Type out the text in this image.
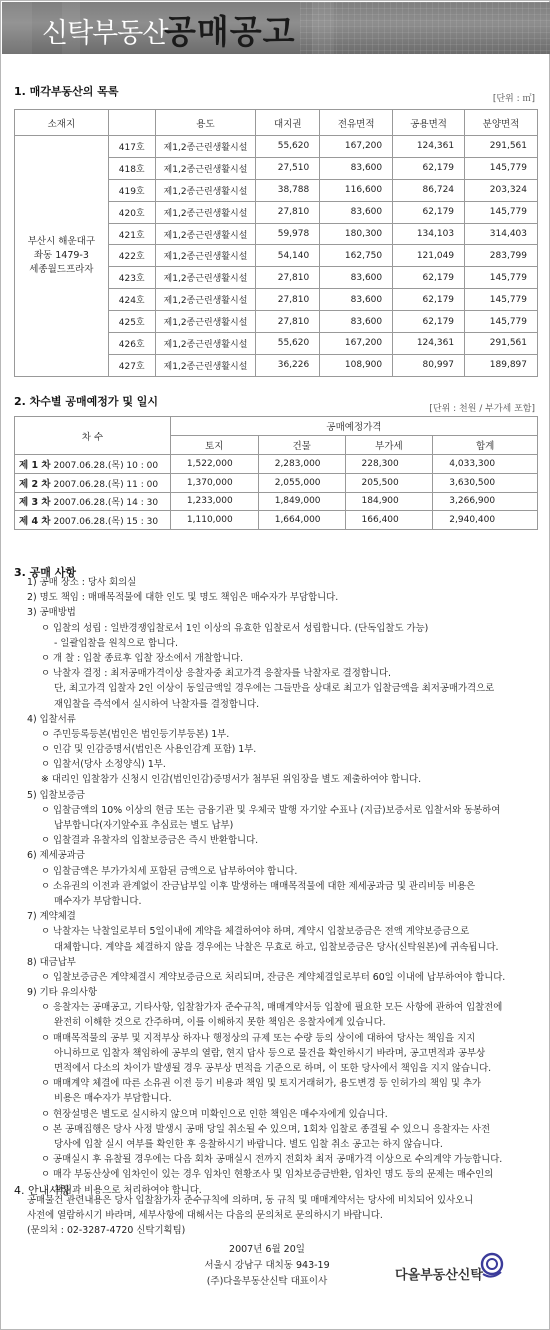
신탁부동산
공매공고
1. 매각부동산의 목록
[단위 : ㎡]
소재지		용도	대지권	전유면적	공용면적	분양면적

부산시 해운대구
좌동 1479-3
세종월드프라자	417호	제1,2종근린생활시설	55,620	167,200	124,361	291,561
	418호	제1,2종근린생활시설	27,510	83,600	62,179	145,779
	419호	제1,2종근린생활시설	38,788	116,600	86,724	203,324
	420호	제1,2종근린생활시설	27,810	83,600	62,179	145,779
	421호	제1,2종근린생활시설	59,978	180,300	134,103	314,403
	422호	제1,2종근린생활시설	54,140	162,750	121,049	283,799
	423호	제1,2종근린생활시설	27,810	83,600	62,179	145,779
	424호	제1,2종근린생활시설	27,810	83,600	62,179	145,779
	425호	제1,2종근린생활시설	27,810	83,600	62,179	145,779
	426호	제1,2종근린생활시설	55,620	167,200	124,361	291,561
	427호	제1,2종근린생활시설	36,226	108,900	80,997	189,897
2. 차수별 공매예정가 및 일시
[단위 : 천원 / 부가세 포함]
차 수	공매예정가격			
	토지	건물	부가세	합계
제 1 차 2007.06.28.(목) 10 : 00	1,522,000	2,283,000	228,300	4,033,300
제 2 차 2007.06.28.(목) 11 : 00	1,370,000	2,055,000	205,500	3,630,500
제 3 차 2007.06.28.(목) 14 : 30	1,233,000	1,849,000	184,900	3,266,900
제 4 차 2007.06.28.(목) 15 : 30	1,110,000	1,664,000	166,400	2,940,400
3. 공매 사항
1) 공매 장소 : 당사 회의실
2) 명도 책임 : 매매목적물에 대한 인도 및 명도 책임은 매수자가 부담합니다.
3) 공매방법
ㅇ 입찰의 성립 : 일반경쟁입찰로서 1인 이상의 유효한 입찰로서 성립합니다. (단독입찰도 가능)
- 일괄입찰을 원칙으로 합니다.
ㅇ 개 찰 : 입찰 종료후 입찰 장소에서 개찰합니다.
ㅇ 낙찰자 결정 : 최저공매가격이상 응찰자중 최고가격 응찰자를 낙찰자로 결정합니다.
단, 최고가격 입찰자 2인 이상이 동일금액일 경우에는 그들만을 상대로 최고가 입찰금액을 최저공매가격으로
재입찰을 즉석에서 실시하여 낙찰자를 결정합니다.
4) 입찰서류
ㅇ 주민등록등본(법인은 법인등기부등본) 1부.
ㅇ 인감 및 인감증명서(법인은 사용인감계 포함) 1부.
ㅇ 입찰서(당사 소정양식) 1부.
※ 대리인 입찰참가 신청시 인감(법인인감)증명서가 첨부된 위임장을 별도 제출하여야 합니다.
5) 입찰보증금
ㅇ 입찰금액의 10% 이상의 현금 또는 금융기관 및 우체국 발행 자기앞 수표나 (지급)보증서로 입찰서와 동봉하여
납부합니다(자기앞수표 추심료는 별도 납부)
ㅇ 입찰결과 유찰자의 입찰보증금은 즉시 반환합니다.
6) 제세공과금
ㅇ 입찰금액은 부가가치세 포함된 금액으로 납부하여야 합니다.
ㅇ 소유권의 이전과 관계없이 잔금납부일 이후 발생하는 매매목적물에 대한 제세공과금 및 관리비등 비용은
매수자가 부담합니다.
7) 계약체결
ㅇ 낙찰자는 낙찰일로부터 5일이내에 계약을 체결하여야 하며, 계약시 입찰보증금은 전액 계약보증금으로
대체합니다. 계약을 체결하지 않을 경우에는 낙찰은 무효로 하고, 입찰보증금은 당사(신탁원본)에 귀속됩니다.
8) 대금납부
ㅇ 입찰보증금은 계약체결시 계약보증금으로 처리되며, 잔금은 계약체결일로부터 60일 이내에 납부하여야 합니다.
9) 기타 유의사항
ㅇ 응찰자는 공매공고, 기타사항, 입찰참가자 준수규칙, 매매계약서등 입찰에 필요한 모든 사항에 관하여 입찰전에
완전히 이해한 것으로 간주하며, 이를 이해하지 못한 책임은 응찰자에게 있습니다.
ㅇ 매매목적물의 공부 및 지적부상 하자나 행정상의 규제 또는 수량 등의 상이에 대하여 당사는 책임을 지지
아니하므로 입찰자 책임하에 공부의 열람, 현지 답사 등으로 물건을 확인하시기 바라며, 공고면적과 공부상
면적에서 다소의 차이가 발생될 경우 공부상 면적을 기준으로 하며, 이 또한 당사에서 책임을 지지 않습니다.
ㅇ 매매계약 체결에 따른 소유권 이전 등기 비용과 책임 및 토지거래허가, 용도변경 등 인허가의 책임 및 추가
비용은 매수자가 부담합니다.
ㅇ 현장설명은 별도로 실시하지 않으며 미확인으로 인한 책임은 매수자에게 있습니다.
ㅇ 본 공매집행은 당사 사정 발생시 공매 당일 취소될 수 있으며, 1회차 입찰로 종결될 수 있으니 응찰자는 사전
당사에 입찰 실시 여부를 확인한 후 응찰하시기 바랍니다. 별도 입찰 취소 공고는 하지 않습니다.
ㅇ 공매실시 후 유찰될 경우에는 다음 회차 공매실시 전까지 전회차 최저 공매가격 이상으로 수의계약 가능합니다.
ㅇ 매각 부동산상에 임차인이 있는 경우 임차인 현황조사 및 임차보증금반환, 임차인 명도 등의 문제는 매수인의
책임과 비용으로 처리하여야 합니다.
4. 안내사항
공매물건 관련내용은 당사 입찰참가자 준수규칙에 의하며, 동 규칙 및 매매계약서는 당사에 비치되어 있사오니
사전에 열람하시기 바라며, 세부사항에 대해서는 다음의 문의처로 문의하시기 바랍니다.
(문의처 : 02-3287-4720 신탁기획팀)
2007년 6월 20일
서울시 강남구 대치동 943-19
(주)다올부동산신탁 대표이사	다올부동산신탁
